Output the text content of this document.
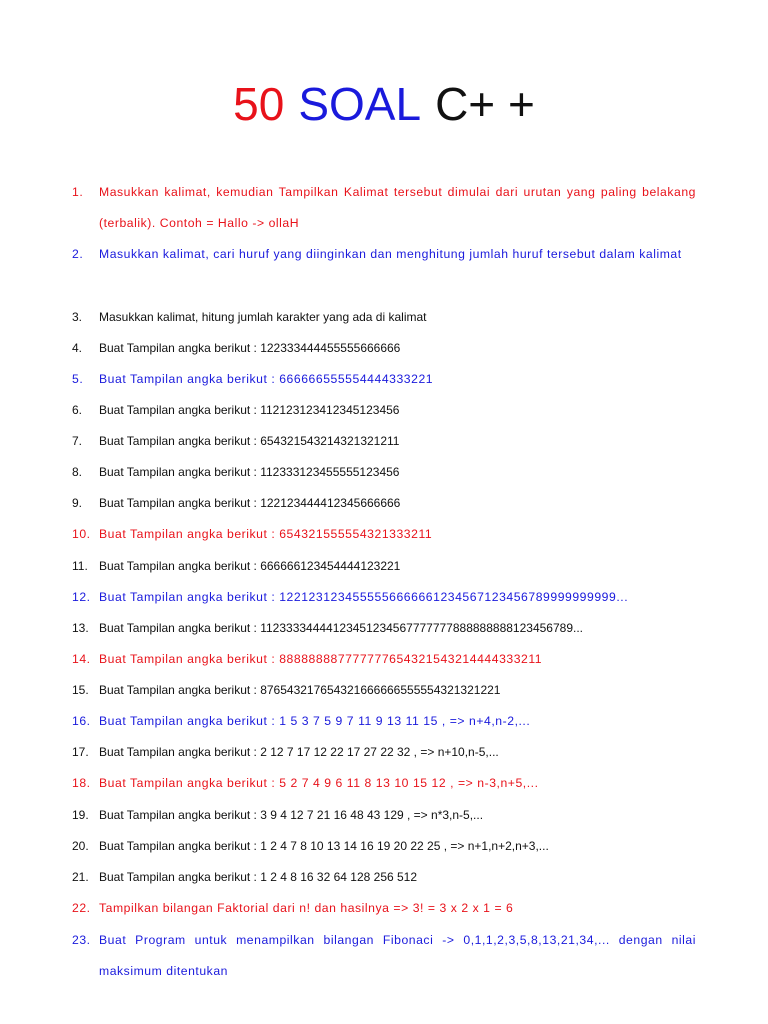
50 SOAL C+ +
1.	Masukkan kalimat, kemudian Tampilkan Kalimat tersebut dimulai dari urutan yang paling belakang (terbalik). Contoh = Hallo -> ollaH
2.	Masukkan kalimat, cari huruf yang diinginkan dan menghitung jumlah huruf tersebut dalam kalimat
3.	Masukkan kalimat, hitung jumlah karakter yang ada di kalimat
4.	Buat Tampilan angka berikut : 122333444455555666666
5.	Buat Tampilan angka berikut : 666666555554444333221
6.	Buat Tampilan angka berikut : 112123123412345123456
7.	Buat Tampilan angka berikut : 654321543214321321211
8.	Buat Tampilan angka berikut : 112333123455555123456
9.	Buat Tampilan angka berikut : 122123444412345666666
10. Buat Tampilan angka berikut : 654321555554321333211
11. Buat Tampilan angka berikut : 666666123454444123221
12. Buat Tampilan angka berikut : 1221231234555556666661234567123456789999999999...
13. Buat Tampilan angka berikut : 11233334444123451234567777777888888888123456789...
14. Buat Tampilan angka berikut : 888888887777777654321543214444333211
15. Buat Tampilan angka berikut : 876543217654321666666555554321321221
16. Buat Tampilan angka berikut : 1 5 3 7 5 9 7 11 9 13 11 15 , => n+4,n-2,...
17. Buat Tampilan angka berikut : 2 12 7 17 12 22 17 27 22 32 , => n+10,n-5,...
18. Buat Tampilan angka berikut : 5 2 7 4 9 6 11 8 13 10 15 12 , => n-3,n+5,...
19. Buat Tampilan angka berikut : 3 9 4 12 7 21 16 48 43 129 , => n*3,n-5,...
20. Buat Tampilan angka berikut : 1 2 4 7 8 10 13 14 16 19 20 22 25 , => n+1,n+2,n+3,...
21. Buat Tampilan angka berikut : 1 2 4 8 16 32 64 128 256 512
22. Tampilkan bilangan Faktorial dari n! dan hasilnya => 3! = 3 x 2 x 1 = 6
23. Buat Program untuk menampilkan bilangan Fibonaci -> 0,1,1,2,3,5,8,13,21,34,... dengan nilai maksimum ditentukan
